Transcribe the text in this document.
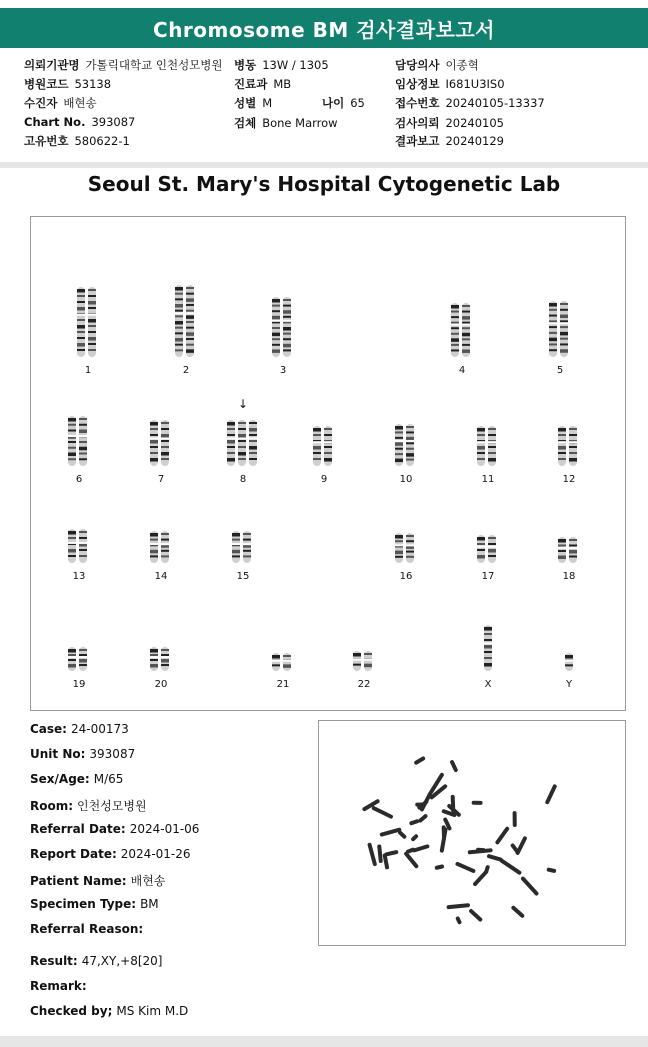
Chromosome BM 검사결과보고서
의뢰기관명 가톨릭대학교 인천성모병원 병동 13W / 1305	담당의사 이종혁
병원코드 53138	진료과 MB	임상정보 I681U3IS0
수진자 배현송	성별 M	나이 65	접수번호 20240105-13337
Chart No. 393087	검체 Bone Marrow	검사의뢰 20240105
고유번호 580622-1	결과보고 20240129
Seoul St. Mary's Hospital Cytogenetic Lab
1	2	3	4	5
6	7	8	9	10	11	12
13	14	15	16	17	18
19	20	21	22	X	Y
↓
Case: 24-00173
Unit No: 393087
Sex/Age: M/65
Room: 인천성모병원
Referral Date: 2024-01-06
Report Date: 2024-01-26
Patient Name: 배현송
Specimen Type: BM
Referral Reason:
Result: 47,XY,+8[20]
Remark:
Checked by; MS Kim M.D
